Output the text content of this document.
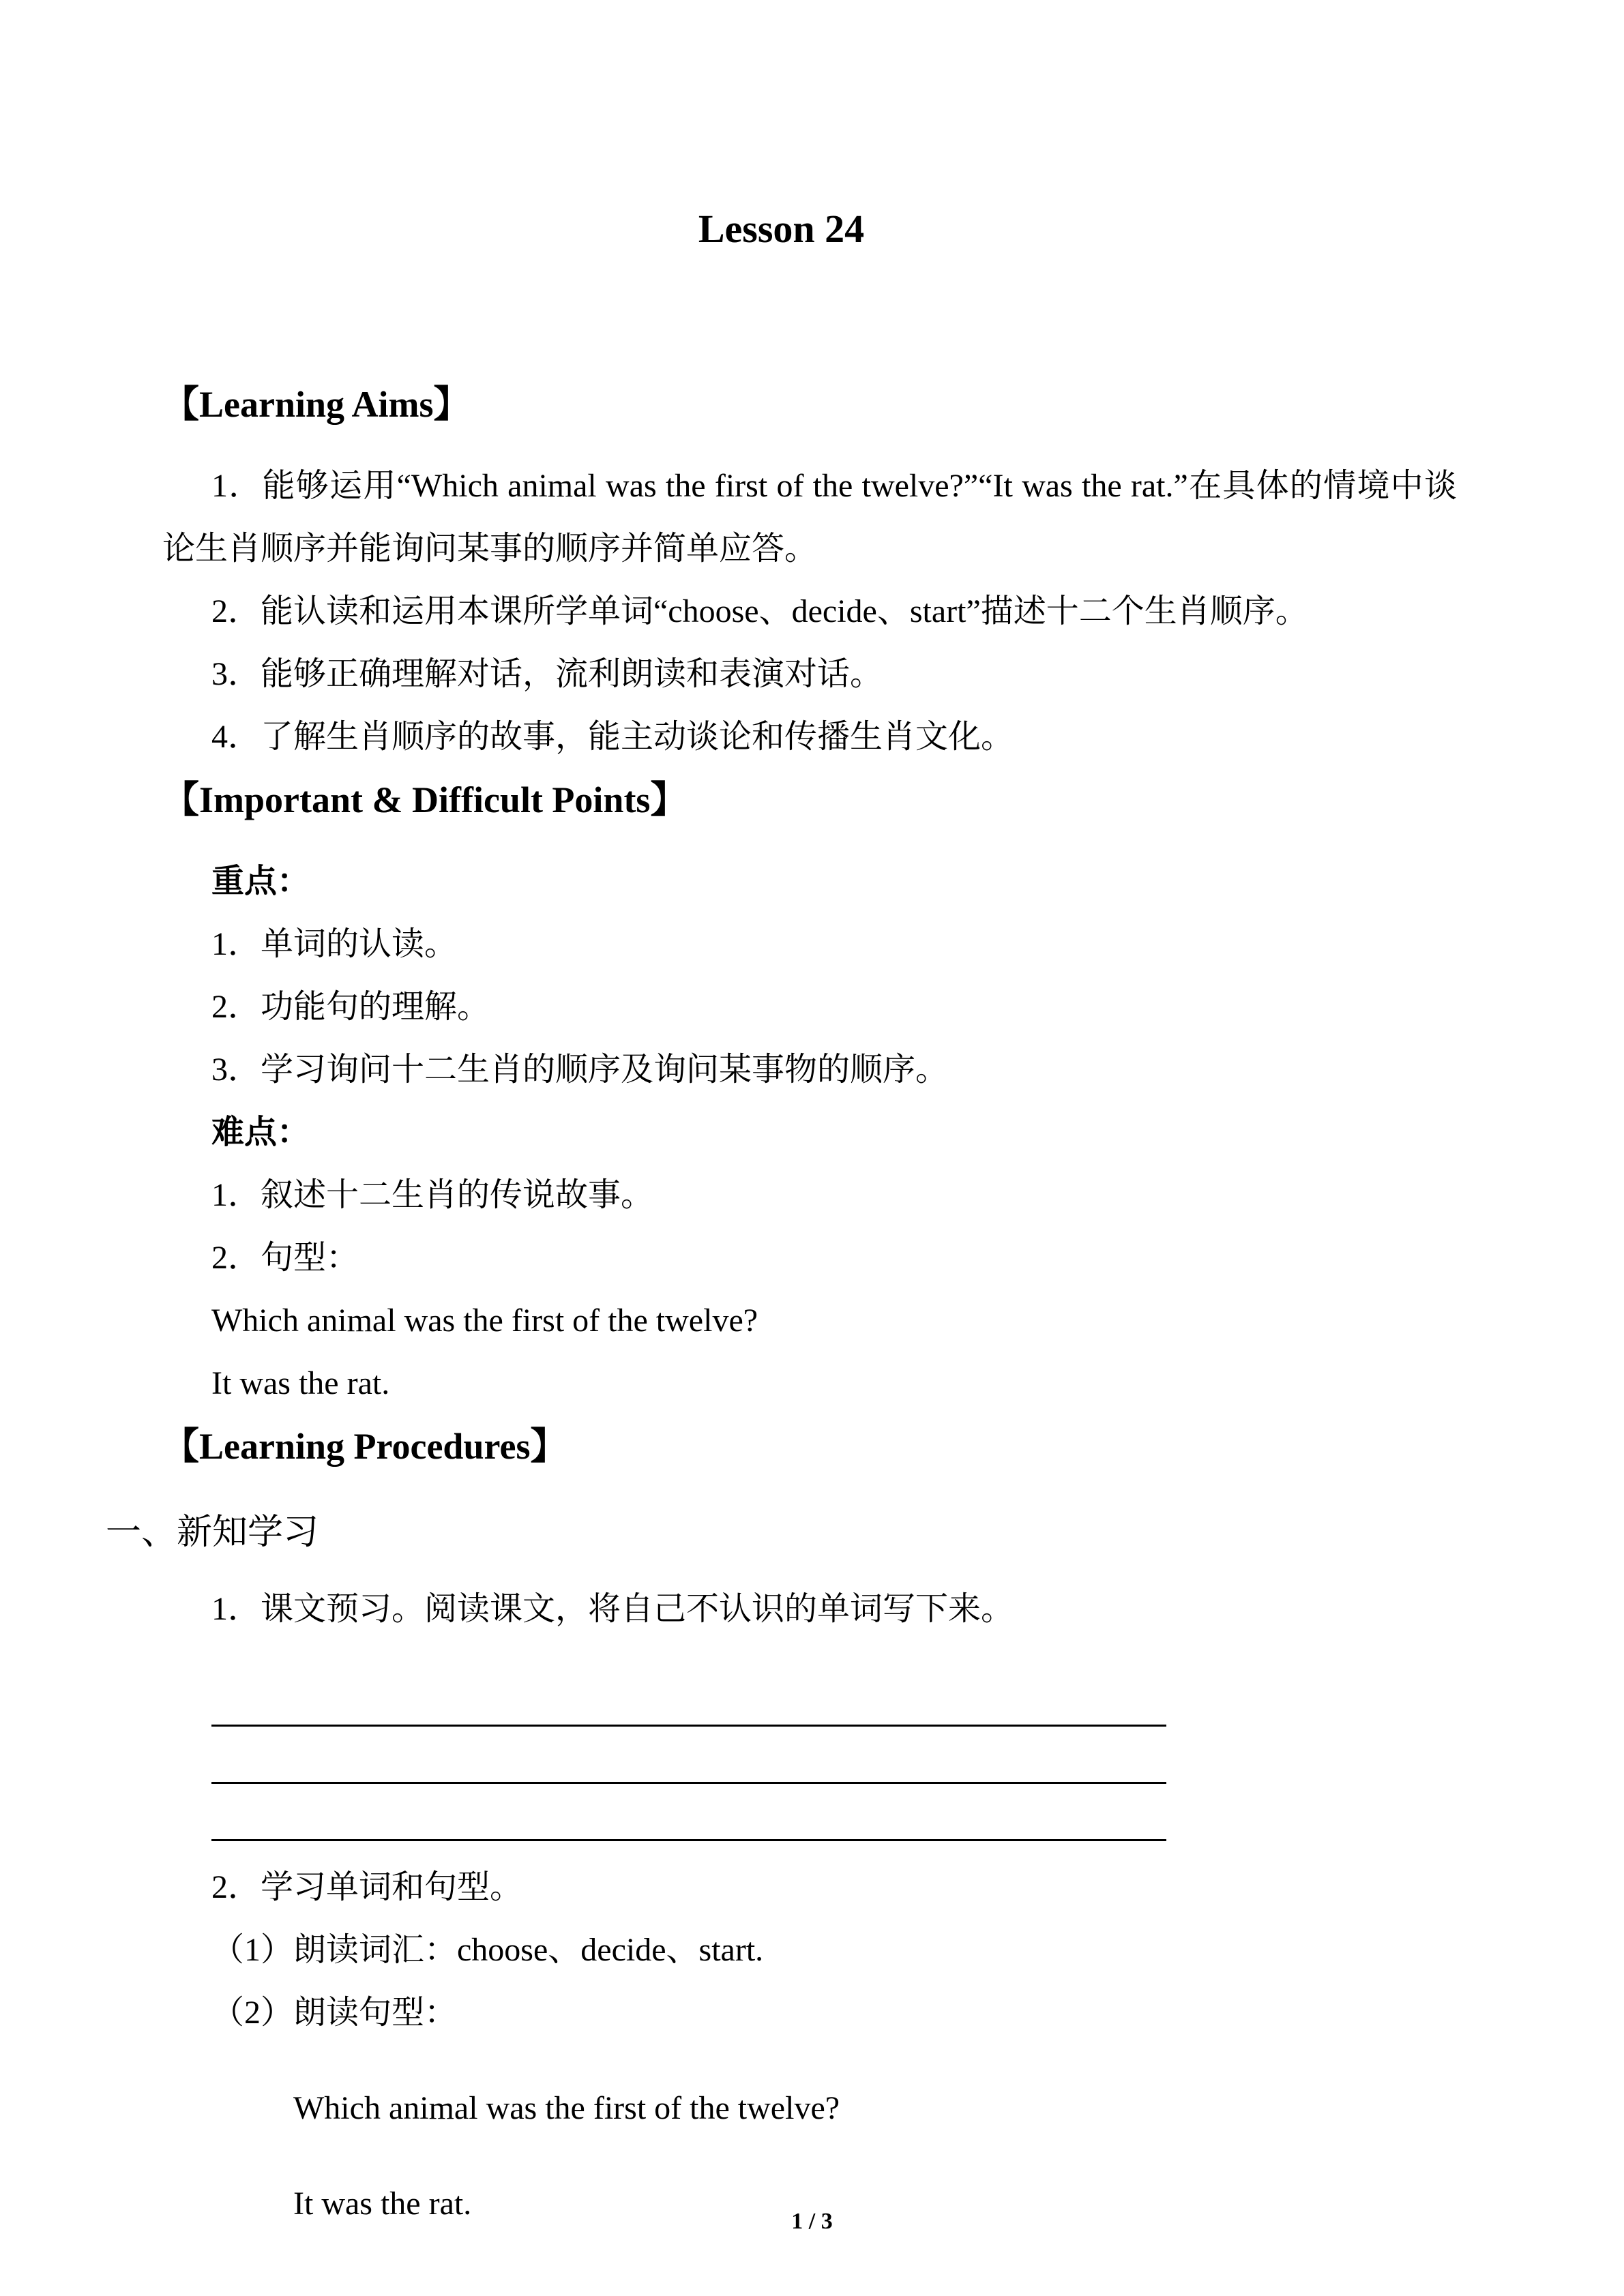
Lesson 24
【Learning Aims】

1．能够运用“Which animal was the first of the twelve?”“It was the rat.”在具体的情境中谈论生肖顺序并能询问某事的顺序并简单应答。

2．能认读和运用本课所学单词“choose、decide、start”描述十二个生肖顺序。

3．能够正确理解对话，流利朗读和表演对话。

4．了解生肖顺序的故事，能主动谈论和传播生肖文化。

【Important & Difficult Points】

重点：

1．单词的认读。

2．功能句的理解。

3．学习询问十二生肖的顺序及询问某事物的顺序。

难点：

1．叙述十二生肖的传说故事。

2．句型：

Which animal was the first of the twelve?

It was the rat.

【Learning Procedures】

一、新知学习

1．课文预习。阅读课文，将自己不认识的单词写下来。

2．学习单词和句型。

（1）朗读词汇：choose、decide、start.

（2）朗读句型：

Which animal was the first of the twelve?

It was the rat.	1 / 3
